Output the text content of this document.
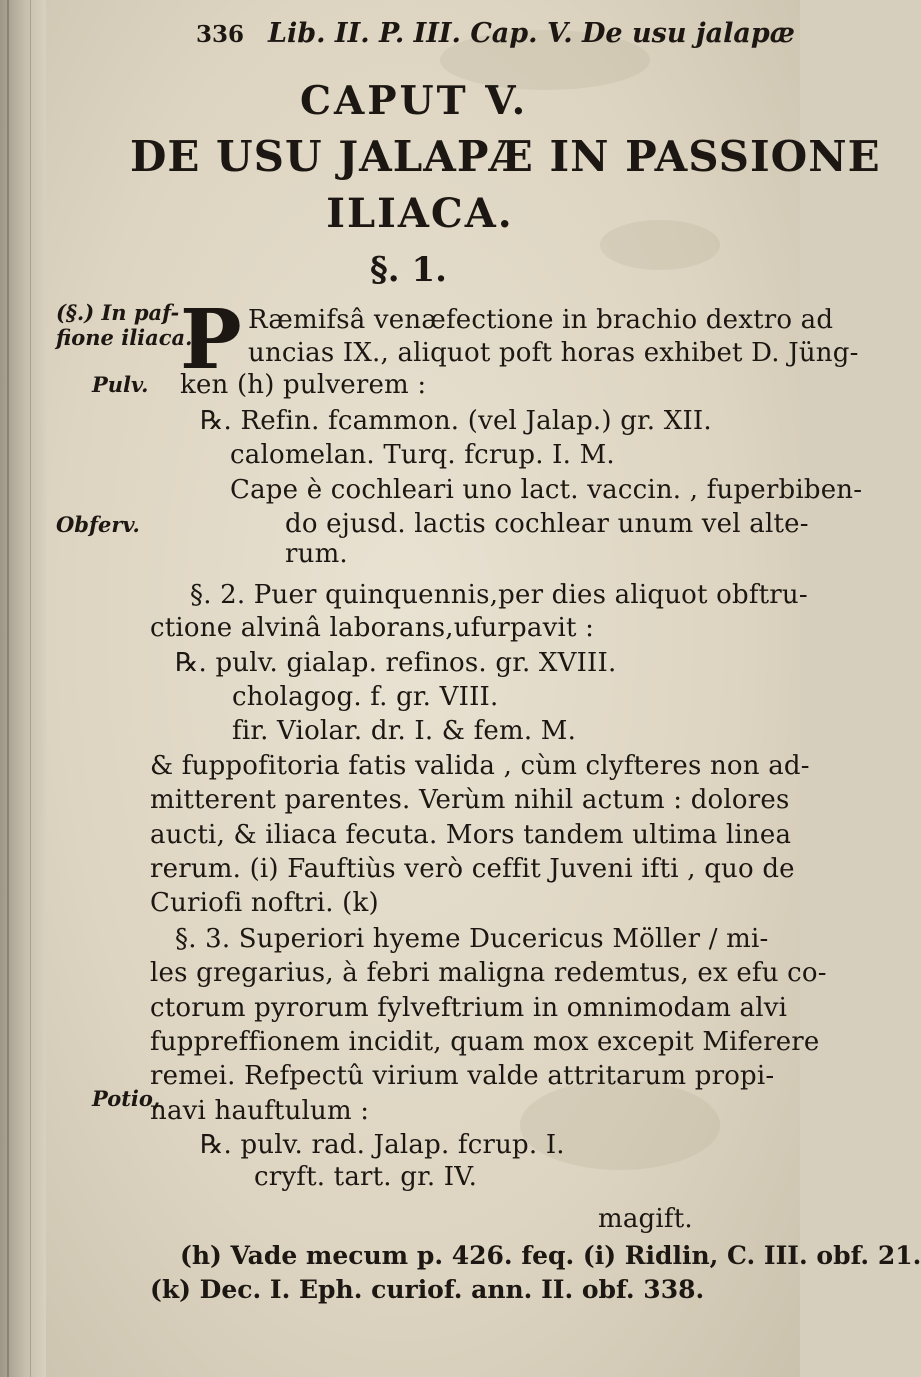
336 Lib. II. P. III. Cap. V. De usu jalapæ
CAPUT V.
DE USU JALAPÆ IN PASSIONE
ILIACA.
§. 1.
(§.) In paf-
fione iliaca.
Pulv.
Obferv.
Potio,
P Ræmifsâ venæfectione in brachio dextro ad
uncias IX., aliquot poft horas exhibet D. Jüng-
ken (h) pulverem :
℞. Refin. fcammon. (vel Jalap.) gr. XII.
calomelan. Turq. fcrup. I. M.
Cape è cochleari uno lact. vaccin. , fuperbiben-
do ejusd. lactis cochlear unum vel alte-
rum.
§. 2. Puer quinquennis,per dies aliquot obftru-
ctione alvinâ laborans,ufurpavit :
℞. pulv. gialap. refinos. gr. XVIII.
cholagog. f. gr. VIII.
fir. Violar. dr. I. & fem. M.
& fuppofitoria fatis valida , cùm clyfteres non ad-
mitterent parentes. Verùm nihil actum : dolores
aucti, & iliaca fecuta. Mors tandem ultima linea
rerum. (i) Fauftiùs verò ceffit Juveni ifti , quo de
Curiofi noftri. (k)
§. 3. Superiori hyeme Ducericus Möller / mi-
les gregarius, à febri maligna redemtus, ex efu co-
ctorum pyrorum fylveftrium in omnimodam alvi
fuppreffionem incidit, quam mox excepit Miferere
remei. Refpectû virium valde attritarum propi-
navi hauftulum :
℞. pulv. rad. Jalap. fcrup. I.
cryft. tart. gr. IV.
magift.
(h) Vade mecum p. 426. feq. (i) Ridlin, C. III. obf. 21.
(k) Dec. I. Eph. curiof. ann. II. obf. 338.
